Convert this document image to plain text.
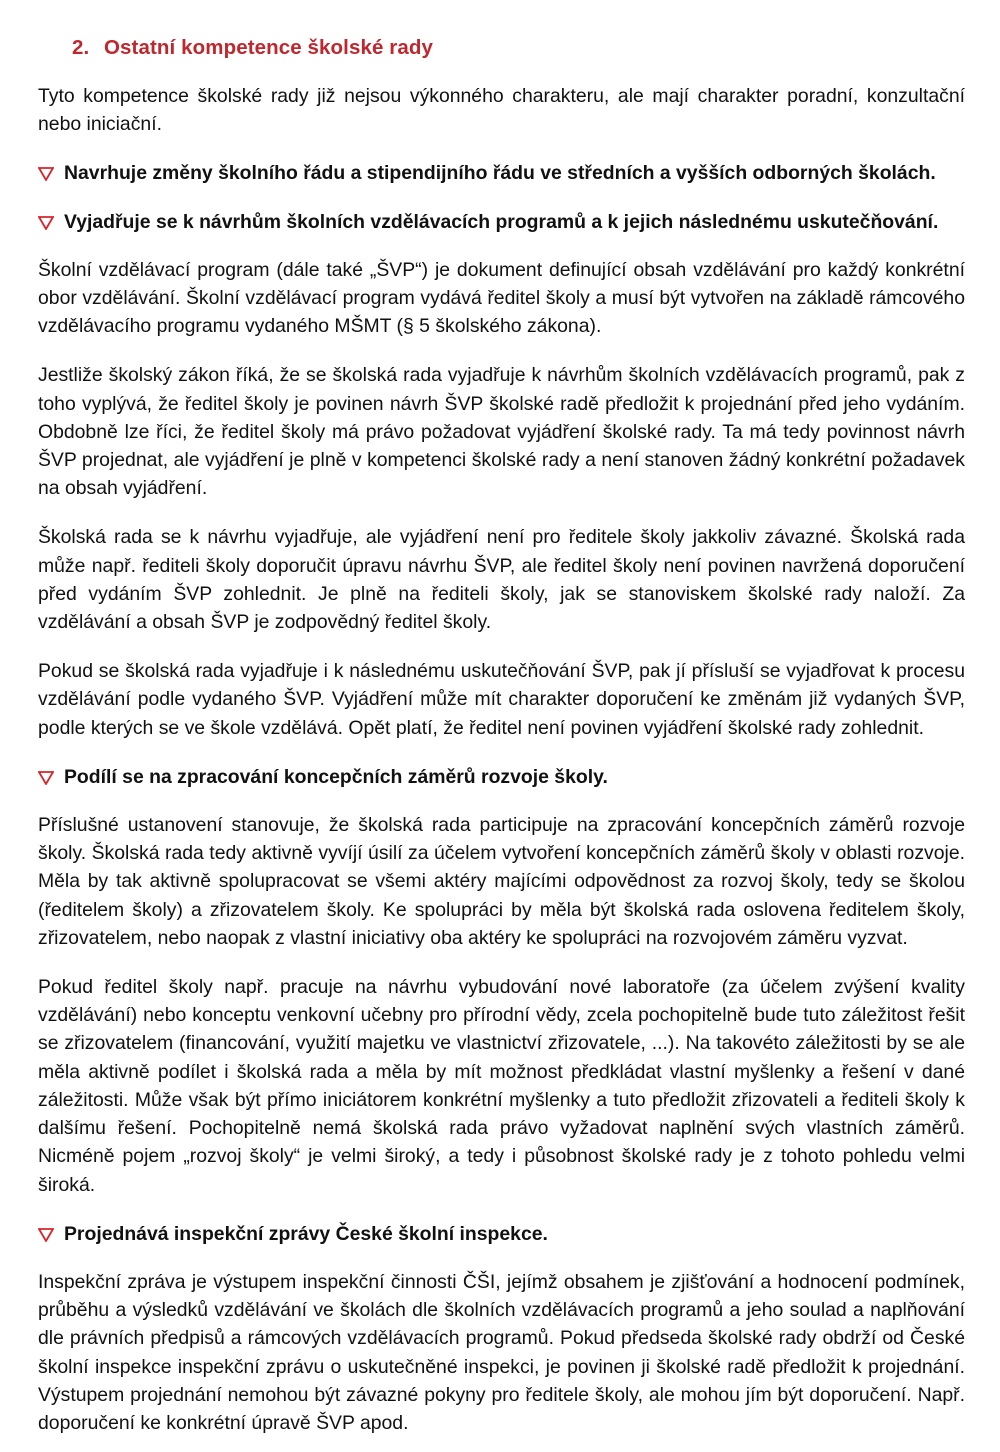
2. Ostatní kompetence školské rady

Tyto kompetence školské rady již nejsou výkonného charakteru, ale mají charakter poradní, konzultační nebo iniciační.

Navrhuje změny školního řádu a stipendijního řádu ve středních a vyšších odborných školách.
Vyjadřuje se k návrhům školních vzdělávacích programů a k jejich následnému uskutečňování.

Školní vzdělávací program (dále také „ŠVP“) je dokument definující obsah vzdělávání pro každý konkrétní obor vzdělávání. Školní vzdělávací program vydává ředitel školy a musí být vytvořen na základě rámcového vzdělávacího programu vydaného MŠMT (§ 5 školského zákona).

Jestliže školský zákon říká, že se školská rada vyjadřuje k návrhům školních vzdělávacích programů, pak z toho vyplývá, že ředitel školy je povinen návrh ŠVP školské radě předložit k projednání před jeho vydáním. Obdobně lze říci, že ředitel školy má právo požadovat vyjádření školské rady. Ta má tedy povinnost návrh ŠVP projednat, ale vyjádření je plně v kompetenci školské rady a není stanoven žádný konkrétní požadavek na obsah vyjádření.

Školská rada se k návrhu vyjadřuje, ale vyjádření není pro ředitele školy jakkoliv závazné. Školská rada může např. řediteli školy doporučit úpravu návrhu ŠVP, ale ředitel školy není povinen navržená doporučení před vydáním ŠVP zohlednit. Je plně na řediteli školy, jak se stanoviskem školské rady naloží. Za vzdělávání a obsah ŠVP je zodpovědný ředitel školy.

Pokud se školská rada vyjadřuje i k následnému uskutečňování ŠVP, pak jí přísluší se vyjadřovat k procesu vzdělávání podle vydaného ŠVP. Vyjádření může mít charakter doporučení ke změnám již vydaných ŠVP, podle kterých se ve škole vzdělává. Opět platí, že ředitel není povinen vyjádření školské rady zohlednit.

Podílí se na zpracování koncepčních záměrů rozvoje školy.

Příslušné ustanovení stanovuje, že školská rada participuje na zpracování koncepčních záměrů rozvoje školy. Školská rada tedy aktivně vyvíjí úsilí za účelem vytvoření koncepčních záměrů školy v oblasti rozvoje. Měla by tak aktivně spolupracovat se všemi aktéry majícími odpovědnost za rozvoj školy, tedy se školou (ředitelem školy) a zřizovatelem školy. Ke spolupráci by měla být školská rada oslovena ředitelem školy, zřizovatelem, nebo naopak z vlastní iniciativy oba aktéry ke spolupráci na rozvojovém záměru vyzvat.

Pokud ředitel školy např. pracuje na návrhu vybudování nové laboratoře (za účelem zvýšení kvality vzdělávání) nebo konceptu venkovní učebny pro přírodní vědy, zcela pochopitelně bude tuto záležitost řešit se zřizovatelem (financování, využití majetku ve vlastnictví zřizovatele, ...). Na takovéto záležitosti by se ale měla aktivně podílet i školská rada a měla by mít možnost předkládat vlastní myšlenky a řešení v dané záležitosti. Může však být přímo iniciátorem konkrétní myšlenky a tuto předložit zřizovateli a řediteli školy k dalšímu řešení. Pochopitelně nemá školská rada právo vyžadovat naplnění svých vlastních záměrů. Nicméně pojem „rozvoj školy“ je velmi široký, a tedy i působnost školské rady je z tohoto pohledu velmi široká.

Projednává inspekční zprávy České školní inspekce.

Inspekční zpráva je výstupem inspekční činnosti ČŠI, jejímž obsahem je zjišťování a hodnocení podmínek, průběhu a výsledků vzdělávání ve školách dle školních vzdělávacích programů a jeho soulad a naplňování dle právních předpisů a rámcových vzdělávacích programů. Pokud předseda školské rady obdrží od České školní inspekce inspekční zprávu o uskutečněné inspekci, je povinen ji školské radě předložit k projednání. Výstupem projednání nemohou být závazné pokyny pro ředitele školy, ale mohou jím být doporučení. Např. doporučení ke konkrétní úpravě ŠVP apod.
